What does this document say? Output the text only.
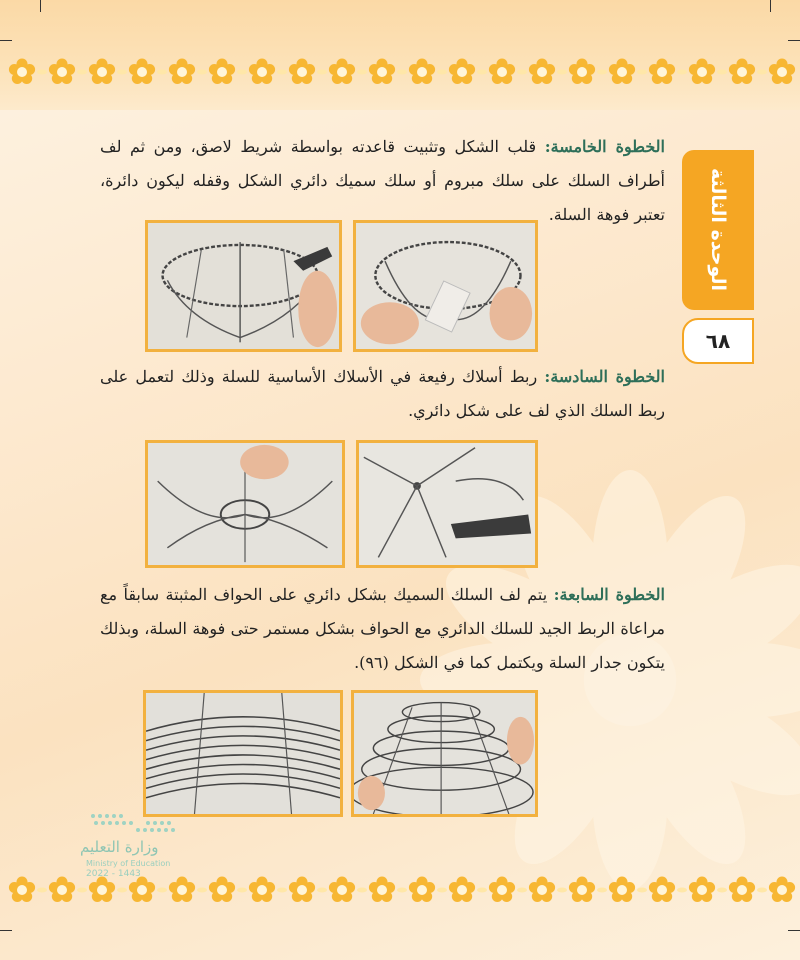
الوحدة الثالثة
٦٨
الخطوة الخامسة: قلب الشكل وتثبيت قاعدته بواسطة شريط لاصق، ومن ثم لف أطراف السلك على سلك مبروم أو سلك سميك دائري الشكل وقفله ليكون دائرة، تعتبر فوهة السلة.
الخطوة السادسة: ربط أسلاك رفيعة في الأسلاك الأساسية للسلة وذلك لتعمل على ربط السلك الذي لف على شكل دائري.
الخطوة السابعة: يتم لف السلك السميك بشكل دائري على الحواف المثبتة سابقاً مع مراعاة الربط الجيد للسلك الدائري مع الحواف بشكل مستمر حتى فوهة السلة، وبذلك يتكون جدار السلة ويكتمل كما في الشكل (٩٦).
وزارة التعليم
Ministry of Education
2022 - 1443
